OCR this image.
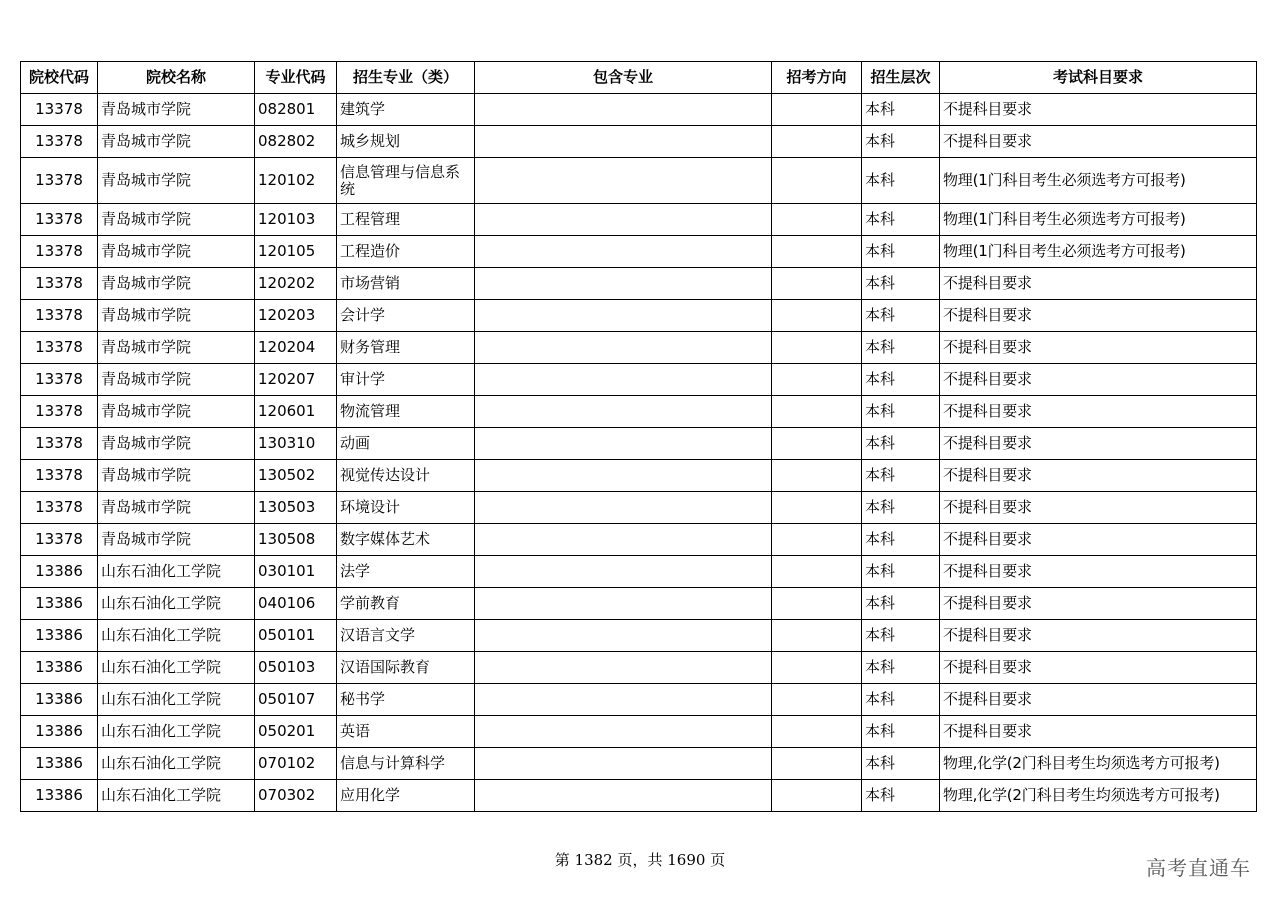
院校代码	院校名称	专业代码	招生专业（类）	包含专业	招考方向	招生层次	考试科目要求
13378	青岛城市学院	082801	建筑学			本科	不提科目要求
13378	青岛城市学院	082802	城乡规划			本科	不提科目要求
13378	青岛城市学院	120102	信息管理与信息系统			本科	物理(1门科目考生必须选考方可报考)
13378	青岛城市学院	120103	工程管理			本科	物理(1门科目考生必须选考方可报考)
13378	青岛城市学院	120105	工程造价			本科	物理(1门科目考生必须选考方可报考)
13378	青岛城市学院	120202	市场营销			本科	不提科目要求
13378	青岛城市学院	120203	会计学			本科	不提科目要求
13378	青岛城市学院	120204	财务管理			本科	不提科目要求
13378	青岛城市学院	120207	审计学			本科	不提科目要求
13378	青岛城市学院	120601	物流管理			本科	不提科目要求
13378	青岛城市学院	130310	动画			本科	不提科目要求
13378	青岛城市学院	130502	视觉传达设计			本科	不提科目要求
13378	青岛城市学院	130503	环境设计			本科	不提科目要求
13378	青岛城市学院	130508	数字媒体艺术			本科	不提科目要求
13386	山东石油化工学院	030101	法学			本科	不提科目要求
13386	山东石油化工学院	040106	学前教育			本科	不提科目要求
13386	山东石油化工学院	050101	汉语言文学			本科	不提科目要求
13386	山东石油化工学院	050103	汉语国际教育			本科	不提科目要求
13386	山东石油化工学院	050107	秘书学			本科	不提科目要求
13386	山东石油化工学院	050201	英语			本科	不提科目要求
13386	山东石油化工学院	070102	信息与计算科学			本科	物理,化学(2门科目考生均须选考方可报考)
13386	山东石油化工学院	070302	应用化学			本科	物理,化学(2门科目考生均须选考方可报考)
第 1382 页，共 1690 页	高考直通车
